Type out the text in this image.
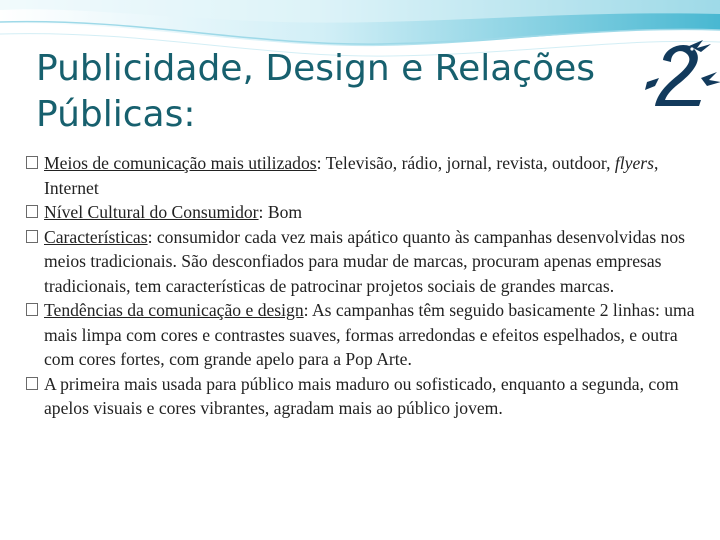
Publicidade, Design e Relações
Públicas:
Meios de comunicação mais utilizados: Televisão, rádio, jornal, revista, outdoor, flyers, Internet
Nível Cultural do Consumidor: Bom
Características: consumidor cada vez mais apático quanto às campanhas desenvolvidas nos meios tradicionais. São desconfiados para mudar de marcas, procuram apenas empresas tradicionais, tem características de patrocinar projetos sociais de grandes marcas.
Tendências da comunicação e design: As campanhas têm seguido basicamente 2 linhas: uma mais limpa com cores e contrastes suaves, formas arredondas e efeitos espelhados, e outra com cores fortes, com grande apelo para a Pop Arte.
A primeira mais usada para público mais maduro ou sofisticado, enquanto a segunda, com apelos visuais e cores vibrantes, agradam mais ao público jovem.
